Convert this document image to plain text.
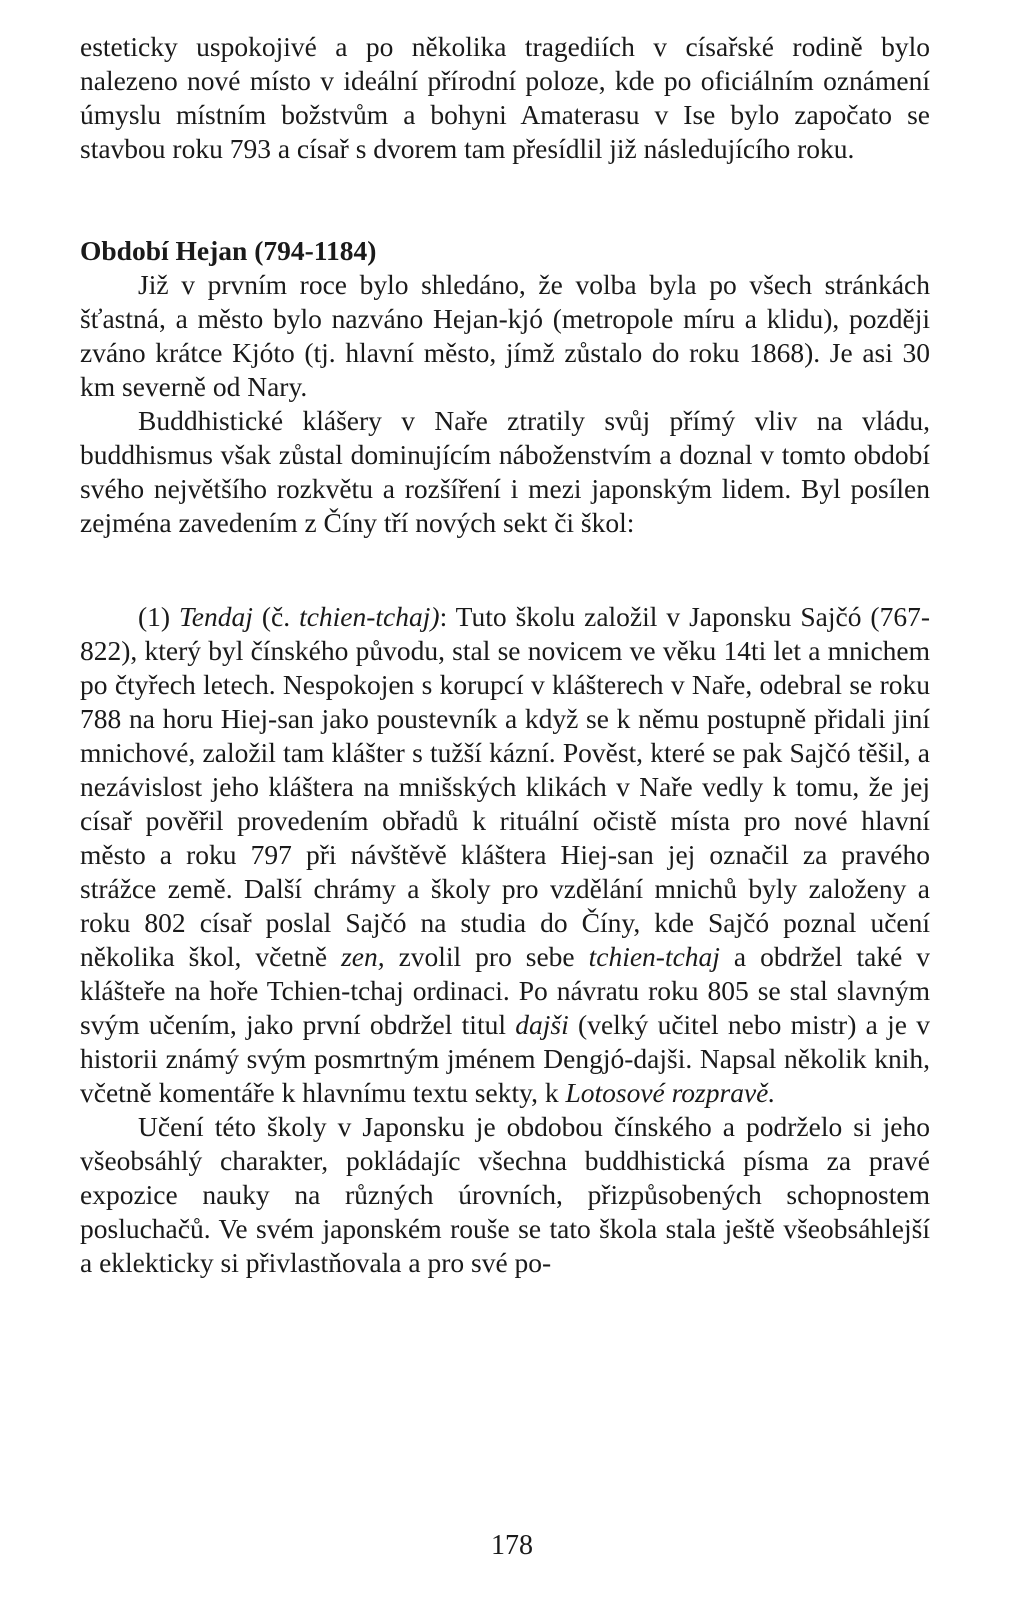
esteticky uspokojivé a po několika tragediích v císařské rodině bylo nalezeno nové místo v ideální přírodní poloze, kde po oficiálním oznámení úmyslu místním božstvům a bohyni Amaterasu v Ise bylo započato se stavbou roku 793 a císař s dvorem tam přesídlil již následujícího roku.

Období Hejan (794-1184)

Již v prvním roce bylo shledáno, že volba byla po všech stránkách šťastná, a město bylo nazváno Hejan-kjó (metropole míru a klidu), později zváno krátce Kjóto (tj. hlavní město, jímž zůstalo do roku 1868). Je asi 30 km severně od Nary.

Buddhistické klášery v Naře ztratily svůj přímý vliv na vládu, buddhismus však zůstal dominujícím náboženstvím a doznal v tomto období svého největšího rozkvětu a rozšíření i mezi japonským lidem. Byl posílen zejména zavedením z Číny tří nových sekt či škol:

(1) Tendaj (č. tchien-tchaj): Tuto školu založil v Japonsku Sajčó (767-822), který byl čínského původu, stal se novicem ve věku 14ti let a mnichem po čtyřech letech. Nespokojen s korupcí v klášterech v Naře, odebral se roku 788 na horu Hiej-san jako poustevník a když se k němu postupně přidali jiní mnichové, založil tam klášter s tužší kázní. Pověst, které se pak Sajčó těšil, a nezávislost jeho kláštera na mnišských klikách v Naře vedly k tomu, že jej císař pověřil provedením obřadů k rituální očistě místa pro nové hlavní město a roku 797 při návštěvě kláštera Hiej-san jej označil za pravého strážce země. Další chrámy a školy pro vzdělání mnichů byly založeny a roku 802 císař poslal Sajčó na studia do Číny, kde Sajčó poznal učení několika škol, včetně zen, zvolil pro sebe tchien-tchaj a obdržel také v klášteře na hoře Tchien-tchaj ordinaci. Po návratu roku 805 se stal slavným svým učením, jako první obdržel titul dajši (velký učitel nebo mistr) a je v historii známý svým posmrtným jménem Dengjó-dajši. Napsal několik knih, včetně komentáře k hlavnímu textu sekty, k Lotosové rozpravě.

Učení této školy v Japonsku je obdobou čínského a podrželo si jeho všeobsáhlý charakter, pokládajíc všechna buddhistická písma za pravé expozice nauky na různých úrovních, přizpůsobených schopnostem posluchačů. Ve svém japonském rouše se tato škola stala ještě všeobsáhlejší a eklekticky si přivlastňovala a pro své po-

178
